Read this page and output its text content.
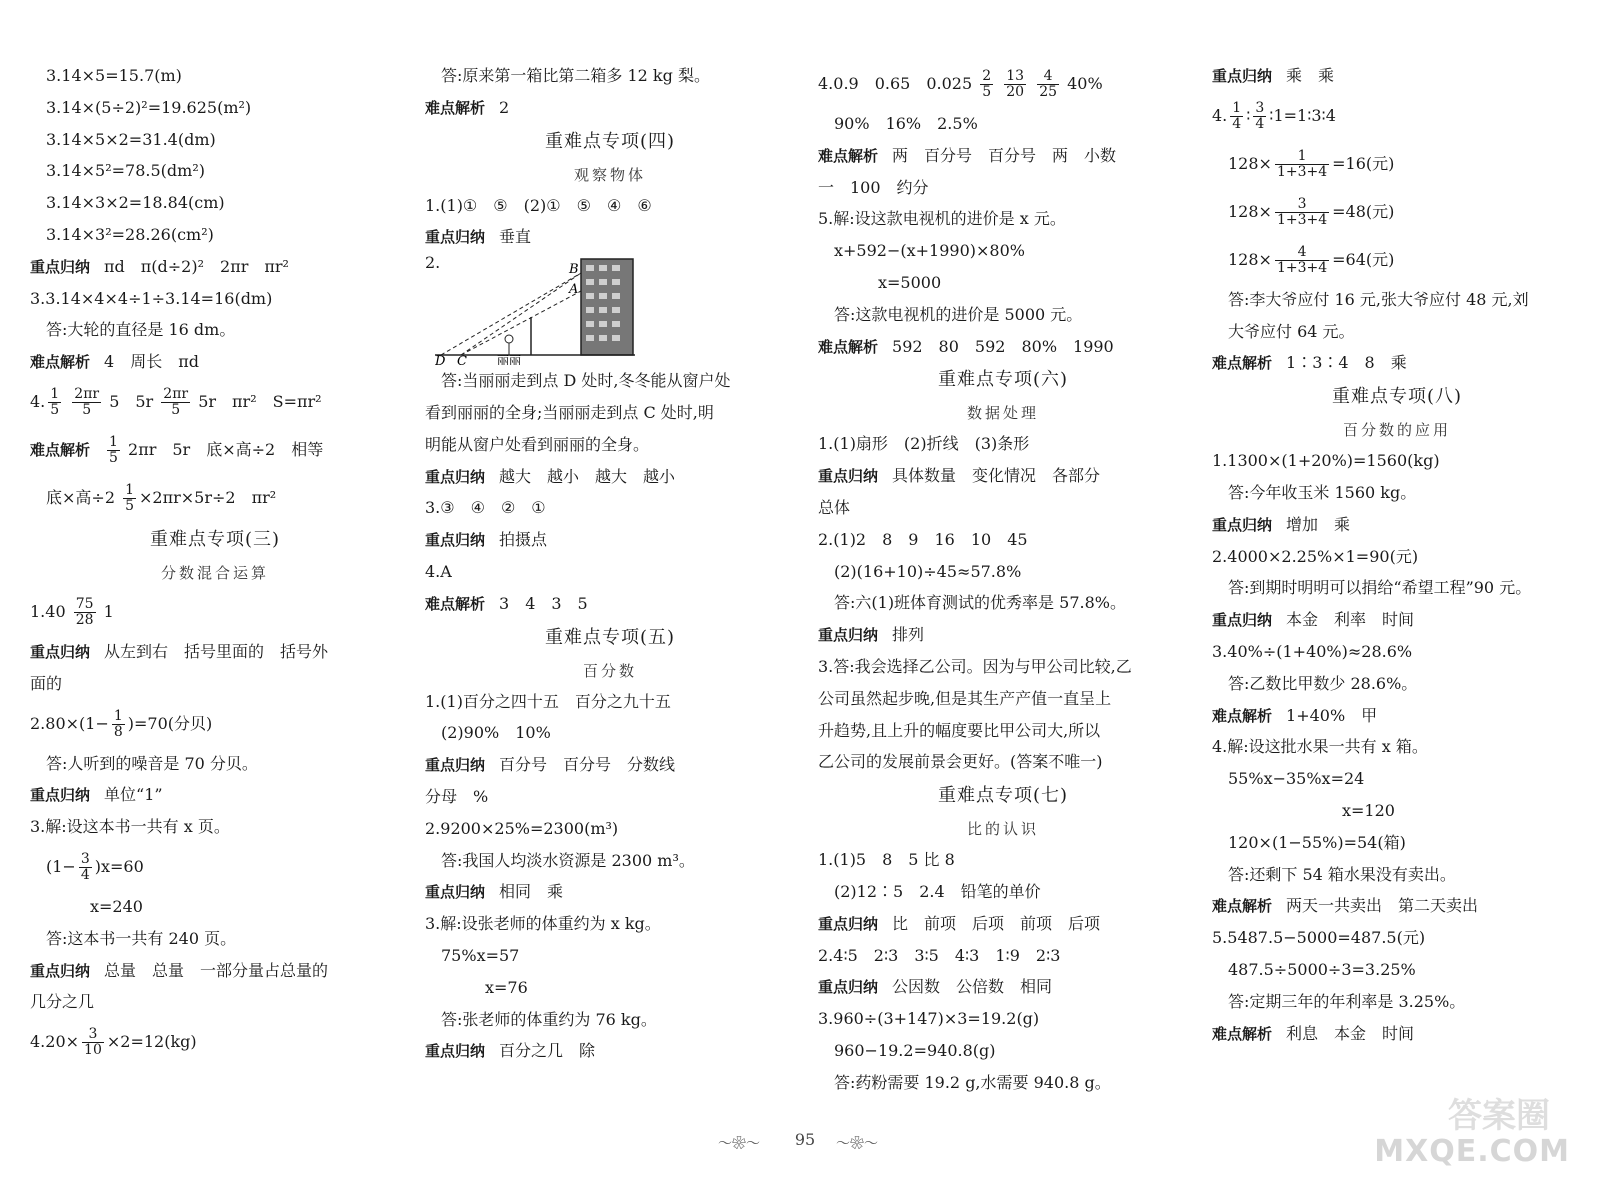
3.14×5=15.7(m)
3.14×(5÷2)²=19.625(m²)
3.14×5×2=31.4(dm)
3.14×5²=78.5(dm²)
3.14×3×2=18.84(cm)
3.14×3²=28.26(cm²)
重点归纳 πd　π(d÷2)²　2πr　πr²
3.3.14×4×4÷1÷3.14=16(dm)
答:大轮的直径是 16 dm。
难点解析 4　周长　πd
4. $\frac{1}{5}$
$\frac{2\pi r}{5} 5$　$5r \frac{2\pi r}{5} 5r$　πr²　S=πr²
难点解析 $\frac{1}{5} 2\pi r$　5r　底×高÷2　相等
底×高$\div 2 \frac{1}{5} \times 2\pi r\times 5r\div 2$　πr²
重难点专项(三)
分数混合运算
$1.40 \frac{75}{28} 1$
重点归纳 从左到右　括号里面的　括号外
面的
$2.80\times(1- \frac{1}{8} )=70$(分贝)
答:人听到的噪音是 70 分贝。
重点归纳 单位“1”
3.解:设这本书一共有 x 页。
$(1- \frac{3}{4} )x=60$
x=240
答:这本书一共有 240 页。
重点归纳 总量　总量　一部分量占总量的
几分之几
$4.20\times \frac{3}{10} \times 2=12(kg)$
答:原来第一箱比第二箱多 12 kg 梨。
难点解析 2
重难点专项(四)
观察物体
1.(1)①　⑤　(2)①　⑤　④　⑥
重点归纳 垂直
2.	B
A
D C	丽丽
答:当丽丽走到点 D 处时,冬冬能从窗户处
看到丽丽的全身;当丽丽走到点 C 处时,明
明能从窗户处看到丽丽的全身。
重点归纳 越大　越小　越大　越小
3.③　④　②　①
重点归纳 拍摄点
4.A
难点解析 3　4　3　5
重难点专项(五)
百分数
1.(1)百分之四十五　百分之九十五
(2)90%　10%
重点归纳 百分号　百分号　分数线
分母　%
2.9200×25%=2300(m³)
答:我国人均淡水资源是 2300 m³。
重点归纳 相同　乘
3.解:设张老师的体重约为 x kg。
75%x=57
x=76
答:张老师的体重约为 76 kg。
重点归纳 百分之几　除
4.0.9　0.65　$0.025 \frac{2}{5}$
$\frac{13}{20}$
$\frac{4}{25} 40\%$
90%　16%　2.5%
难点解析 两　百分号　百分号　两　小数
一　100　约分
5.解:设这款电视机的进价是 x 元。
x+592−(x+1990)×80%
x=5000
答:这款电视机的进价是 5000 元。
难点解析 592　80　592　80%　1990
重难点专项(六)
数据处理
1.(1)扇形　(2)折线　(3)条形
重点归纳 具体数量　变化情况　各部分
总体
2.(1)2　8　9　16　10　45
(2)(16+10)÷45≈57.8%
答:六(1)班体育测试的优秀率是 57.8%。
重点归纳 排列
3.答:我会选择乙公司。因为与甲公司比较,乙
公司虽然起步晚,但是其生产产值一直呈上
升趋势,且上升的幅度要比甲公司大,所以
乙公司的发展前景会更好。(答案不唯一)
重难点专项(七)
比的认识
1.(1)5　8　5 比 8
(2)12∶5　2.4　铅笔的单价
重点归纳 比　前项　后项　前项　后项
2.4∶5　2∶3　3∶5　4∶3　1∶9　2∶3
重点归纳 公因数　公倍数　相同
3.960÷(3+147)×3=19.2(g)
960−19.2=940.8(g)
答:药粉需要 19.2 g,水需要 940.8 g。
重点归纳 乘　乘
4. $\frac{1}{4}$ ∶ $\frac{3}{4}$ ∶1=1∶3∶4
$128\times \frac{1}{1+3+4} =16$(元)
$128\times \frac{3}{1+3+4} =48$(元)
$128\times \frac{4}{1+3+4} =64$(元)
答:李大爷应付 16 元,张大爷应付 48 元,刘
大爷应付 64 元。
难点解析 1∶3∶4　8　乘
重难点专项(八)
百分数的应用
1.1300×(1+20%)=1560(kg)
答:今年收玉米 1560 kg。
重点归纳 增加　乘
2.4000×2.25%×1=90(元)
答:到期时明明可以捐给“希望工程”90 元。
重点归纳 本金　利率　时间
3.40%÷(1+40%)≈28.6%
答:乙数比甲数少 28.6%。
难点解析 1+40%　甲
4.解:设这批水果一共有 x 箱。
55%x−35%x=24
x=120
120×(1−55%)=54(箱)
答:还剩下 54 箱水果没有卖出。
难点解析 两天一共卖出　第二天卖出
5.5487.5−5000=487.5(元)
487.5÷5000÷3=3.25%
答:定期三年的年利率是 3.25%。
难点解析 利息　本金　时间
～❀～	95	～❀～
答案圈
MXQE.COM
